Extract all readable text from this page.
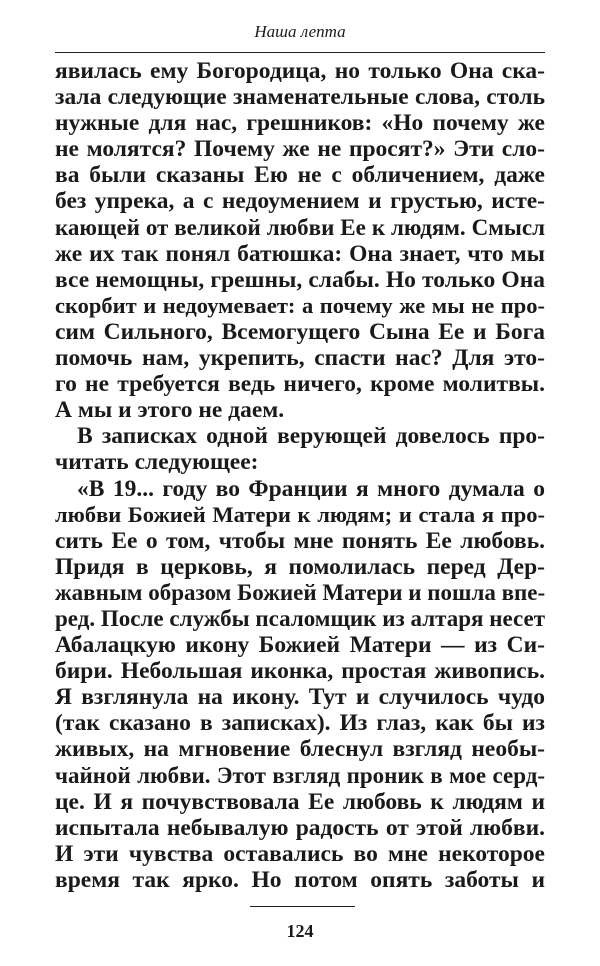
Наша лепта
явилась ему Богородица, но только Она ска-
зала следующие знаменательные слова, столь
нужные для нас, грешников: «Но почему же
не молятся? Почему же не просят?» Эти сло-
ва были сказаны Ею не с обличением, даже
без упрека, а с недоумением и грустью, исте-
кающей от великой любви Ее к людям. Смысл
же их так понял батюшка: Она знает, что мы
все немощны, грешны, слабы. Но только Она
скорбит и недоумевает: а почему же мы не про-
сим Сильного, Всемогущего Сына Ее и Бога
помочь нам, укрепить, спасти нас? Для это-
го не требуется ведь ничего, кроме молитвы.
А мы и этого не даем.
В записках одной верующей довелось про-
читать следующее:
«В 19... году во Франции я много думала о
любви Божией Матери к людям; и стала я про-
сить Ее о том, чтобы мне понять Ее любовь.
Придя в церковь, я помолилась перед Дер-
жавным образом Божией Матери и пошла впе-
ред. После службы псаломщик из алтаря несет
Абалацкую икону Божией Матери — из Си-
бири. Небольшая иконка, простая живопись.
Я взглянула на икону. Тут и случилось чудо
(так сказано в записках). Из глаз, как бы из
живых, на мгновение блеснул взгляд необы-
чайной любви. Этот взгляд проник в мое серд-
це. И я почувствовала Ее любовь к людям и
испытала небывалую радость от этой любви.
И эти чувства оставались во мне некоторое
время так ярко. Но потом опять заботы и
124
